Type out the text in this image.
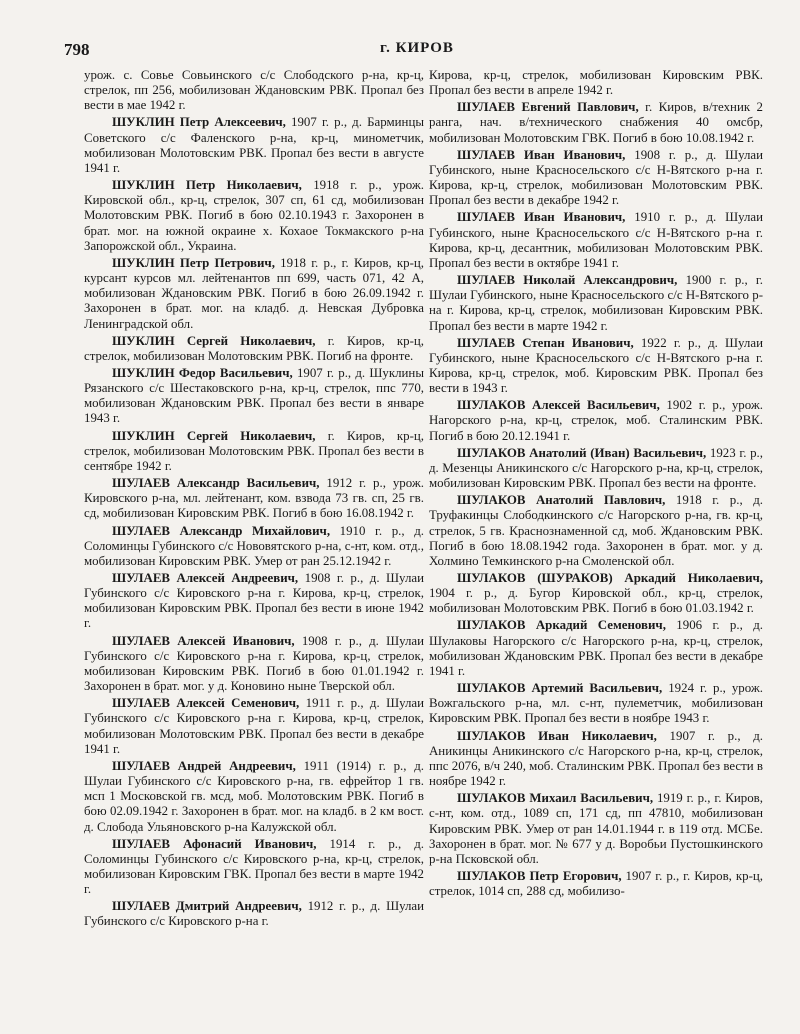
798	г. КИРОВ

урож. с. Совье Совьинского с/с Слободского р-на, кр-ц, стрелок, пп 256, мобилизован Ждановским РВК. Пропал без вести в мае 1942 г.

ШУКЛИН Петр Алексеевич, 1907 г. р., д. Барминцы Советского с/с Фаленского р-на, кр-ц, минометчик, мобилизован Молотовским РВК. Пропал без вести в августе 1941 г.

ШУКЛИН Петр Николаевич, 1918 г. р., урож. Кировской обл., кр-ц, стрелок, 307 сп, 61 сд, мобилизован Молотовским РВК. Погиб в бою 02.10.1943 г. Захоронен в брат. мог. на южной окраине х. Кохаое Токмакского р-на Запорожской обл., Украина.

ШУКЛИН Петр Петрович, 1918 г. р., г. Киров, кр-ц, курсант курсов мл. лейтенантов пп 699, часть 071, 42 А, мобилизован Ждановским РВК. Погиб в бою 26.09.1942 г. Захоронен в брат. мог. на кладб. д. Невская Дубровка Ленинградской обл.

ШУКЛИН Сергей Николаевич, г. Киров, кр-ц, стрелок, мобилизован Молотовским РВК. Погиб на фронте.

ШУКЛИН Федор Васильевич, 1907 г. р., д. Шуклины Рязанского с/с Шестаковского р-на, кр-ц, стрелок, ппс 770, мобилизован Ждановским РВК. Пропал без вести в январе 1943 г.

ШУКЛИН Сергей Николаевич, г. Киров, кр-ц, стрелок, мобилизован Молотовским РВК. Пропал без вести в сентябре 1942 г.

ШУЛАЕВ Александр Васильевич, 1912 г. р., урож. Кировского р-на, мл. лейтенант, ком. взвода 73 гв. сп, 25 гв. сд, мобилизован Кировским РВК. Погиб в бою 16.08.1942 г.

ШУЛАЕВ Александр Михайлович, 1910 г. р., д. Соломинцы Губинского с/с Нововятского р-на, с-нт, ком. отд., мобилизован Кировским РВК. Умер от ран 25.12.1942 г.

ШУЛАЕВ Алексей Андреевич, 1908 г. р., д. Шулаи Губинского с/с Кировского р-на г. Кирова, кр-ц, стрелок, мобилизован Кировским РВК. Пропал без вести в июне 1942 г.

ШУЛАЕВ Алексей Иванович, 1908 г. р., д. Шулаи Губинского с/с Кировского р-на г. Кирова, кр-ц, стрелок, мобилизован Кировским РВК. Погиб в бою 01.01.1942 г. Захоронен в брат. мог. у д. Коновино ныне Тверской обл.

ШУЛАЕВ Алексей Семенович, 1911 г. р., д. Шулаи Губинского с/с Кировского р-на г. Кирова, кр-ц, стрелок, мобилизован Молотовским РВК. Пропал без вести в декабре 1941 г.

ШУЛАЕВ Андрей Андреевич, 1911 (1914) г. р., д. Шулаи Губинского с/с Кировского р-на, гв. ефрейтор 1 гв. мсп 1 Московской гв. мсд, моб. Молотовским РВК. Погиб в бою 02.09.1942 г. Захоронен в брат. мог. на кладб. в 2 км вост. д. Слобода Ульяновского р-на Калужской обл.

ШУЛАЕВ Афонасий Иванович, 1914 г. р., д. Соломинцы Губинского с/с Кировского р-на, кр-ц, стрелок, мобилизован Кировским ГВК. Пропал без вести в марте 1942 г.

ШУЛАЕВ Дмитрий Андреевич, 1912 г. р., д. Шулаи Губинского с/с Кировского р-на г.

Кирова, кр-ц, стрелок, мобилизован Кировским РВК. Пропал без вести в апреле 1942 г.

ШУЛАЕВ Евгений Павлович, г. Киров, в/техник 2 ранга, нач. в/технического снабжения 40 омсбр, мобилизован Молотовским ГВК. Погиб в бою 10.08.1942 г.

ШУЛАЕВ Иван Иванович, 1908 г. р., д. Шулаи Губинского, ныне Красносельского с/с Н-Вятского р-на г. Кирова, кр-ц, стрелок, мобилизован Молотовским РВК. Пропал без вести в декабре 1942 г.

ШУЛАЕВ Иван Иванович, 1910 г. р., д. Шулаи Губинского, ныне Красносельского с/с Н-Вятского р-на г. Кирова, кр-ц, десантник, мобилизован Молотовским РВК. Пропал без вести в октябре 1941 г.

ШУЛАЕВ Николай Александрович, 1900 г. р., г. Шулаи Губинского, ныне Красносельского с/с Н-Вятского р-на г. Кирова, кр-ц, стрелок, мобилизован Кировским РВК. Пропал без вести в марте 1942 г.

ШУЛАЕВ Степан Иванович, 1922 г. р., д. Шулаи Губинского, ныне Красносельского с/с Н-Вятского р-на г. Кирова, кр-ц, стрелок, моб. Кировским РВК. Пропал без вести в 1943 г.

ШУЛАКОВ Алексей Васильевич, 1902 г. р., урож. Нагорского р-на, кр-ц, стрелок, моб. Сталинским РВК. Погиб в бою 20.12.1941 г.

ШУЛАКОВ Анатолий (Иван) Васильевич, 1923 г. р., д. Мезенцы Аникинского с/с Нагорского р-на, кр-ц, стрелок, мобилизован Кировским РВК. Пропал без вести на фронте.

ШУЛАКОВ Анатолий Павлович, 1918 г. р., д. Труфакинцы Слободкинского с/с Нагорского р-на, гв. кр-ц, стрелок, 5 гв. Краснознаменной сд, моб. Ждановским РВК. Погиб в бою 18.08.1942 года. Захоронен в брат. мог. у д. Холмино Темкинского р-на Смоленской обл.

ШУЛАКОВ (ШУРАКОВ) Аркадий Николаевич, 1904 г. р., д. Бугор Кировской обл., кр-ц, стрелок, мобилизован Молотовским РВК. Погиб в бою 01.03.1942 г.

ШУЛАКОВ Аркадий Семенович, 1906 г. р., д. Шулаковы Нагорского с/с Нагорского р-на, кр-ц, стрелок, мобилизован Ждановским РВК. Пропал без вести в декабре 1941 г.

ШУЛАКОВ Артемий Васильевич, 1924 г. р., урож. Вожгальского р-на, мл. с-нт, пулеметчик, мобилизован Кировским РВК. Пропал без вести в ноябре 1943 г.

ШУЛАКОВ Иван Николаевич, 1907 г. р., д. Аникинцы Аникинского с/с Нагорского р-на, кр-ц, стрелок, ппс 2076, в/ч 240, моб. Сталинским РВК. Пропал без вести в ноябре 1942 г.

ШУЛАКОВ Михаил Васильевич, 1919 г. р., г. Киров, с-нт, ком. отд., 1089 сп, 171 сд, пп 47810, мобилизован Кировским РВК. Умер от ран 14.01.1944 г. в 119 отд. МСБе. Захоронен в брат. мог. № 677 у д. Воробьи Пустошкинского р-на Псковской обл.

ШУЛАКОВ Петр Егорович, 1907 г. р., г. Киров, кр-ц, стрелок, 1014 сп, 288 сд, мобилизо-
